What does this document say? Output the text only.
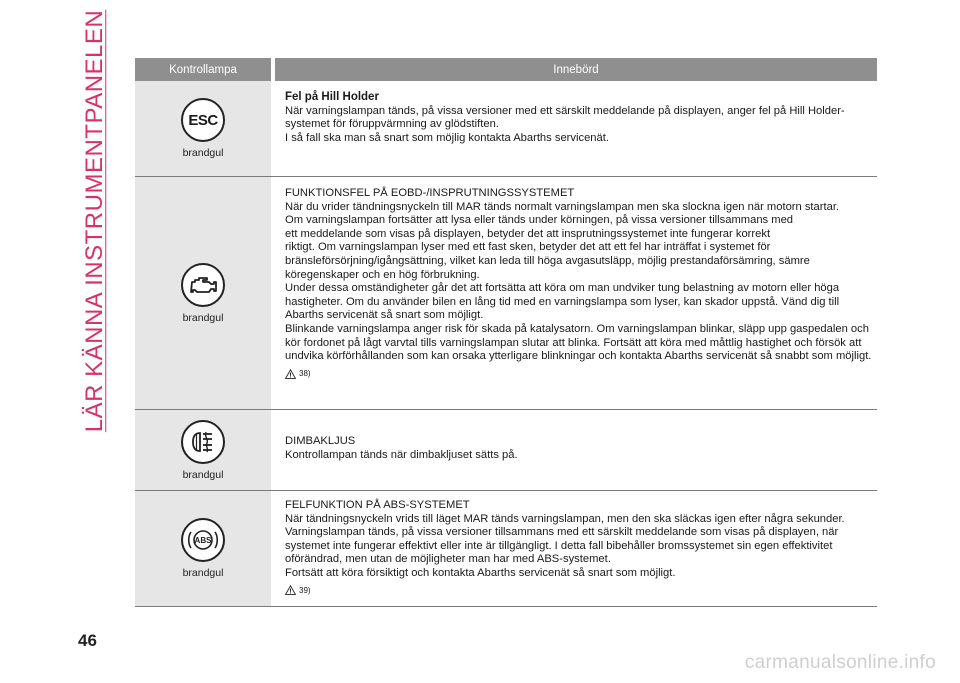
LÄR KÄNNA INSTRUMENTPANELEN	Kontrollampa	Innebörd
ESC
brandgul

Fel på Hill Holder

När varningslampan tänds, på vissa versioner med ett särskilt meddelande på displayen, anger fel på Hill Holder-systemet för föruppvärmning av glödstiften.

I så fall ska man så snart som möjlig kontakta Abarths servicenät.

brandgul

FUNKTIONSFEL PÅ EOBD-/INSPRUTNINGSSYSTEMET

När du vrider tändningsnyckeln till MAR tänds normalt varningslampan men ska slockna igen när motorn startar.

Om varningslampan fortsätter att lysa eller tänds under körningen, på vissa versioner tillsammans med

ett meddelande som visas på displayen, betyder det att insprutningssystemet inte fungerar korrekt

riktigt. Om varningslampan lyser med ett fast sken, betyder det att ett fel har inträffat i systemet för

bränsleförsörjning/igångsättning, vilket kan leda till höga avgasutsläpp, möjlig prestandaförsämring, sämre

köregenskaper och en hög förbrukning.

Under dessa omständigheter går det att fortsätta att köra om man undviker tung belastning av motorn eller höga hastigheter. Om du använder bilen en lång tid med en varningslampa som lyser, kan skador uppstå. Vänd dig till Abarths servicenät så snart som möjligt.

Blinkande varningslampa anger risk för skada på katalysatorn. Om varningslampan blinkar, släpp upp gaspedalen och kör fordonet på lågt varvtal tills varningslampan slutar att blinka. Fortsätt att köra med måttlig hastighet och försök att undvika körförhållanden som kan orsaka ytterligare blinkningar och kontakta Abarths servicenät så snabbt som möjligt.

38)
brandgul

DIMBAKLJUS

Kontrollampan tänds när dimbakljuset sätts på.

ABS
brandgul

FELFUNKTION PÅ ABS-SYSTEMET

När tändningsnyckeln vrids till läget MAR tänds varningslampan, men den ska släckas igen efter några sekunder. Varningslampan tänds, på vissa versioner tillsammans med ett särskilt meddelande som visas på displayen, när systemet inte fungerar effektivt eller inte är tillgängligt. I detta fall bibehåller bromssystemet sin egen effektivitet oförändrad, men utan de möjligheter man har med ABS-systemet.

Fortsätt att köra försiktigt och kontakta Abarths servicenät så snart som möjligt.

39)
46
carmanualsonline.info
